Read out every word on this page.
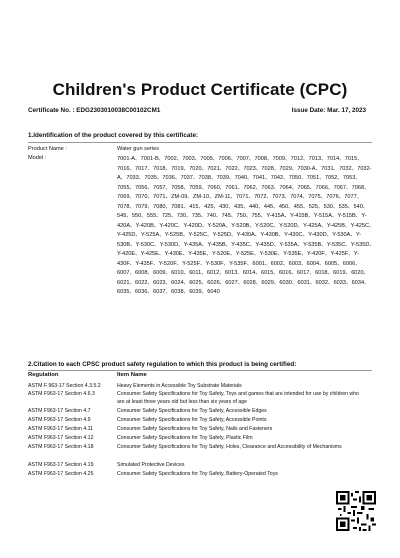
Children's Product Certificate (CPC)
Certificate No. : EDG2303010038C00102CM1	Issue Date: Mar. 17, 2023
1.Identification of the product covered by this certificate:
Product Name :	Water gun series
Model :	7001-A、7001-B、7002、7003、7005、7006、7007、7008、7009、7012、7013、7014、7015、7016、7017、7018、7019、7020、7021、7022、7023、7028、7029、7030-A、7031、7032、7032-A、7033、7035、7036、7037、7038、7039、7040、7041、7042、7050、7051、7052、7053、7055、7056、7057、7058、7059、7060、7061、7062、7063、7064、7065、7066、7067、7068、7069、7070、7071、ZM-09、ZM-10、ZM-11、7071、7072、7073、7074、7075、7076、7077、7078、7079、7080、7081、415、425、430、435、440、445、450、455、525、530、535、540、545、550、555、725、730、735、740、745、750、755、Y-415A、Y-415B、Y-515A、Y-515B、Y-420A、Y-420B、Y-420C、Y-420D、Y-520A、Y-520B、Y-520C、Y-520D、Y-425A、Y-425B、Y-425C、Y-425D、Y-525A、Y-525B、Y-525C、Y-525D、Y-430A、Y-430B、Y-430C、Y-430D、Y-530A、Y-530B、Y-530C、Y-530D、Y-435A、Y-435B、Y-435C、Y-435D、Y-535A、Y-535B、Y-535C、Y-535D、Y-420E、Y-425E、Y-430E、Y-435E、Y-520E、Y-525E、Y-530E、Y-535E、Y-420F、Y-425F、Y-430F、Y-435F、Y-520F、Y-525F、Y-530F、Y-535F、6001、6002、6003、6004、6005、6006、6007、6008、6009、6010、6011、6012、6013、6014、6015、6016、6017、6018、6019、6020、6021、6022、6023、6024、6025、6026、6027、6028、6029、6030、6031、6032、6033、6034、6035、6036、6037、6038、6039、6040
2.Citation to each CPSC product safety regulation to which this product is being certified:
Regulation	Item Name
ASTM F 963-17 Section 4.3.5.2	Heavy Elements in Accessible Toy Substrate Materials
ASTM F963-17 Section 4.6.3	Consumer Safety Specifications for Toy Safety, Toys and games that are intended for use by children who are at least three years old but less than six years of age
ASTM F963-17 Section 4.7	Consumer Safety Specifications for Toy Safety, Accessible Edges
ASTM F963-17 Section 4.9	Consumer Safety Specifications for Toy Safety, Accessible Points
ASTM F963-17 Section 4.11	Consumer Safety Specifications for Toy Safety, Nails and Fasteners
ASTM F963-17 Section 4.12	Consumer Safety Specifications for Toy Safety, Plastic Film
ASTM F963-17 Section 4.18	Consumer Safety Specifications for Toy Safety, Holes, Clearance and Accessibility of Mechanisms
ASTM F963-17 Section 4.19	Simulated Protective Devices
ASTM F963-17 Section 4.25	Consumer Safety Specifications for Toy Safety, Battery-Operated Toys
